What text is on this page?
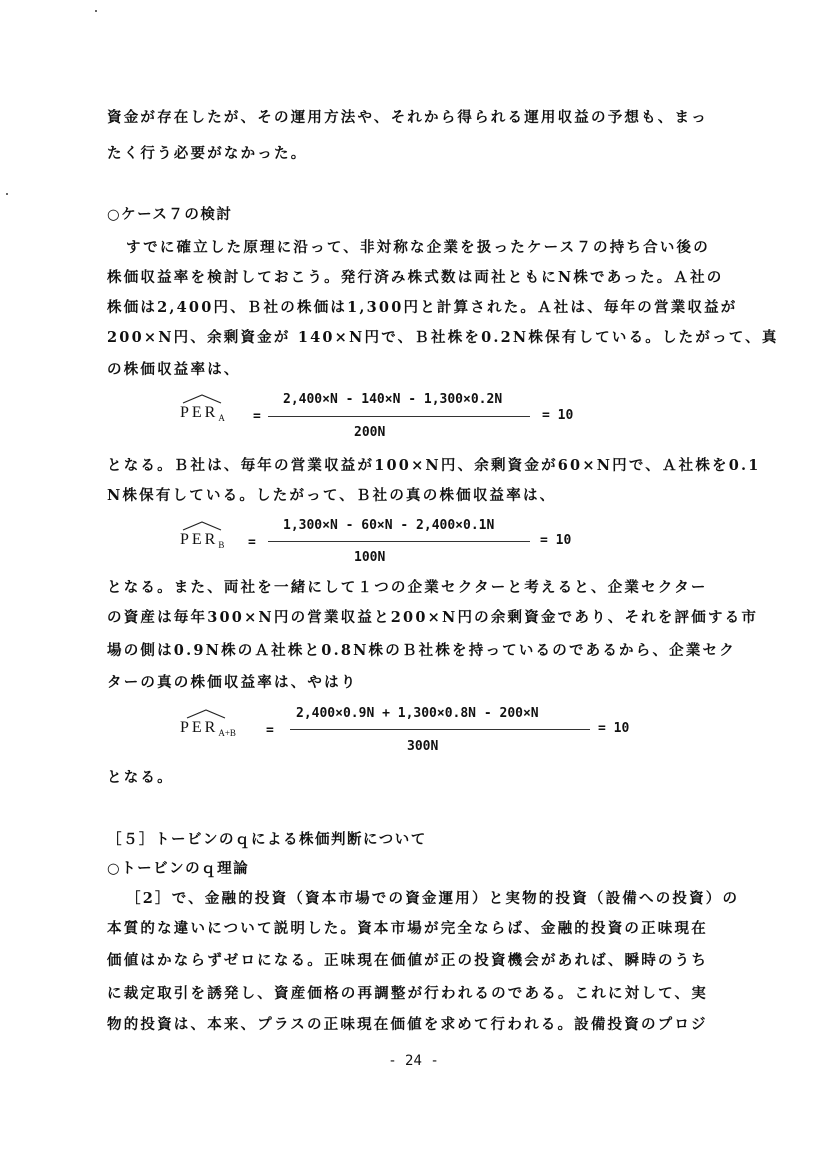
資金が存在したが、その運用方法や、それから得られる運用収益の予想も、まっ
たく行う必要がなかった。
○ケース７の検討
すでに確立した原理に沿って、非対称な企業を扱ったケース７の持ち合い後の
株価収益率を検討しておこう。発行済み株式数は両社ともにN株であった。Ａ社の
株価は2,400円、Ｂ社の株価は1,300円と計算された。Ａ社は、毎年の営業収益が
200×N円、余剰資金が 140×N円で、Ｂ社株を0.2N株保有している。したがって、真
の株価収益率は、
$PER_A$ =
2,400×N - 140×N - 1,300×0.2N
200N
= 10
となる。Ｂ社は、毎年の営業収益が100×N円、余剰資金が60×N円で、Ａ社株を0.1
N株保有している。したがって、Ｂ社の真の株価収益率は、
$PER_B$ =
1,300×N - 60×N - 2,400×0.1N
100N
= 10
となる。また、両社を一緒にして１つの企業セクターと考えると、企業セクター
の資産は毎年300×N円の営業収益と200×N円の余剰資金であり、それを評価する市
場の側は0.9N株のＡ社株と0.8N株のＢ社株を持っているのであるから、企業セク
ターの真の株価収益率は、やはり
$PER_{A+B}$ =
2,400×0.9N + 1,300×0.8N - 200×N
300N
= 10
となる。
［５］トービンのｑによる株価判断について
○トービンのｑ理論
［2］で、金融的投資（資本市場での資金運用）と実物的投資（設備への投資）の
本質的な違いについて説明した。資本市場が完全ならば、金融的投資の正味現在
価値はかならずゼロになる。正味現在価値が正の投資機会があれば、瞬時のうち
に裁定取引を誘発し、資産価格の再調整が行われるのである。これに対して、実
物的投資は、本来、プラスの正味現在価値を求めて行われる。設備投資のプロジ
- 24 -
